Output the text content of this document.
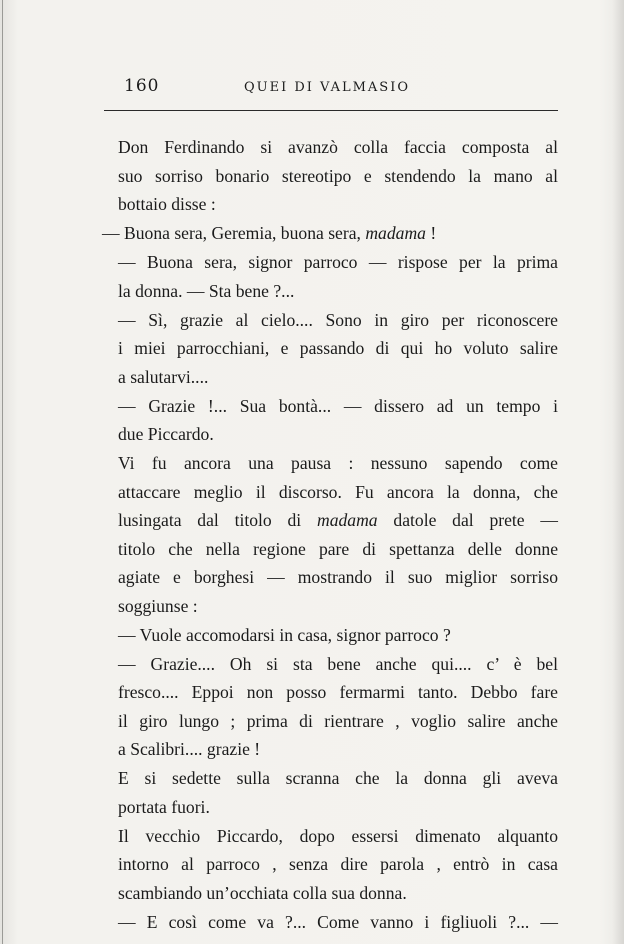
160	QUEI DI VALMASIO

Don Ferdinando si avanzò colla faccia composta al
suo sorriso bonario stereotipo e stendendo la mano al
bottaio disse :

— Buona sera, Geremia, buona sera, madama !

— Buona sera, signor parroco — rispose per la prima
la donna. — Sta bene ?...

— Sì, grazie al cielo.... Sono in giro per riconoscere
i miei parrocchiani, e passando di qui ho voluto salire
a salutarvi....

— Grazie !... Sua bontà... — dissero ad un tempo i
due Piccardo.

Vi fu ancora una pausa : nessuno sapendo come
attaccare meglio il discorso. Fu ancora la donna, che
lusingata dal titolo di madama datole dal prete —
titolo che nella regione pare di spettanza delle donne
agiate e borghesi — mostrando il suo miglior sorriso
soggiunse :

— Vuole accomodarsi in casa, signor parroco ?

— Grazie.... Oh si sta bene anche qui.... c’ è bel
fresco.... Eppoi non posso fermarmi tanto. Debbo fare
il giro lungo ; prima di rientrare , voglio salire anche
a Scalibri.... grazie !

E si sedette sulla scranna che la donna gli aveva
portata fuori.

Il vecchio Piccardo, dopo essersi dimenato alquanto
intorno al parroco , senza dire parola , entrò in casa
scambiando un’occhiata colla sua donna.

— E così come va ?... Come vanno i figliuoli ?... —
